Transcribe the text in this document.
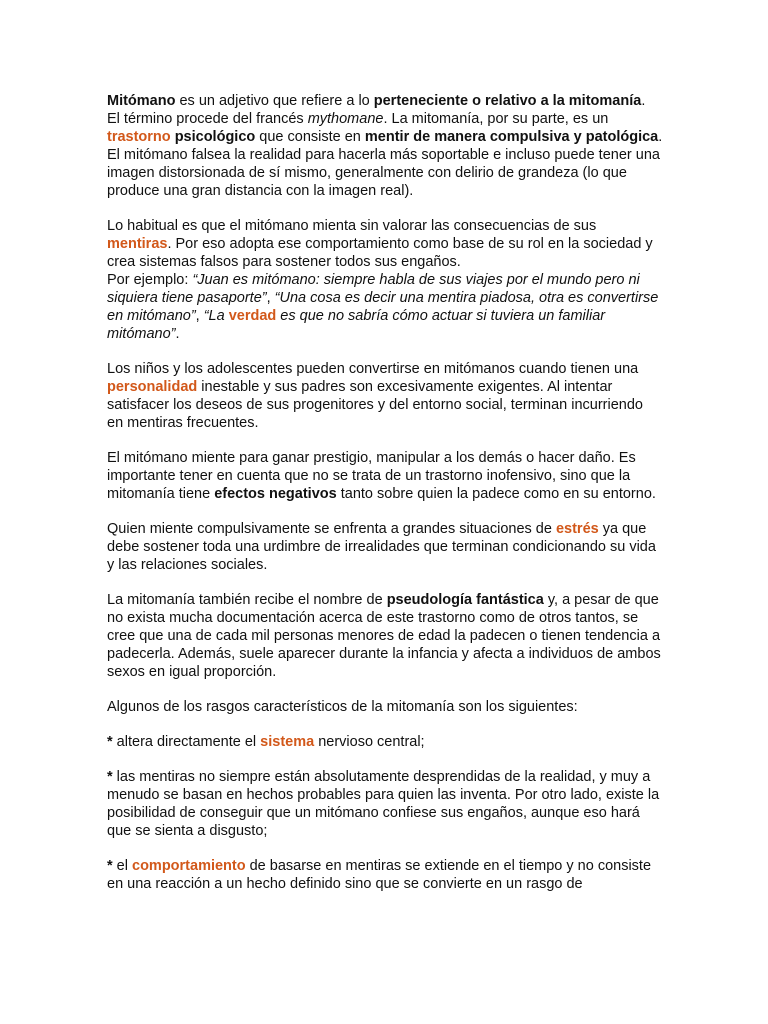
Mitómano es un adjetivo que refiere a lo perteneciente o relativo a la mitomanía.

El término procede del francés mythomane. La mitomanía, por su parte, es un trastorno psicológico que consiste en mentir de manera compulsiva y patológica. El mitómano falsea la realidad para hacerla más soportable e incluso puede tener una imagen distorsionada de sí mismo, generalmente con delirio de grandeza (lo que produce una gran distancia con la imagen real).

Lo habitual es que el mitómano mienta sin valorar las consecuencias de sus mentiras. Por eso adopta ese comportamiento como base de su rol en la sociedad y crea sistemas falsos para sostener todos sus engaños.

Por ejemplo: “Juan es mitómano: siempre habla de sus viajes por el mundo pero ni siquiera tiene pasaporte”, “Una cosa es decir una mentira piadosa, otra es convertirse en mitómano”, “La verdad es que no sabría cómo actuar si tuviera un familiar mitómano”.

Los niños y los adolescentes pueden convertirse en mitómanos cuando tienen una personalidad inestable y sus padres son excesivamente exigentes. Al intentar satisfacer los deseos de sus progenitores y del entorno social, terminan incurriendo en mentiras frecuentes.

El mitómano miente para ganar prestigio, manipular a los demás o hacer daño. Es importante tener en cuenta que no se trata de un trastorno inofensivo, sino que la mitomanía tiene efectos negativos tanto sobre quien la padece como en su entorno.

Quien miente compulsivamente se enfrenta a grandes situaciones de estrés ya que debe sostener toda una urdimbre de irrealidades que terminan condicionando su vida y las relaciones sociales.

La mitomanía también recibe el nombre de pseudología fantástica y, a pesar de que no exista mucha documentación acerca de este trastorno como de otros tantos, se cree que una de cada mil personas menores de edad la padecen o tienen tendencia a padecerla. Además, suele aparecer durante la infancia y afecta a individuos de ambos sexos en igual proporción.

Algunos de los rasgos característicos de la mitomanía son los siguientes:

* altera directamente el sistema nervioso central;

* las mentiras no siempre están absolutamente desprendidas de la realidad, y muy a menudo se basan en hechos probables para quien las inventa. Por otro lado, existe la posibilidad de conseguir que un mitómano confiese sus engaños, aunque eso hará que se sienta a disgusto;

* el comportamiento de basarse en mentiras se extiende en el tiempo y no consiste en una reacción a un hecho definido sino que se convierte en un rasgo de
